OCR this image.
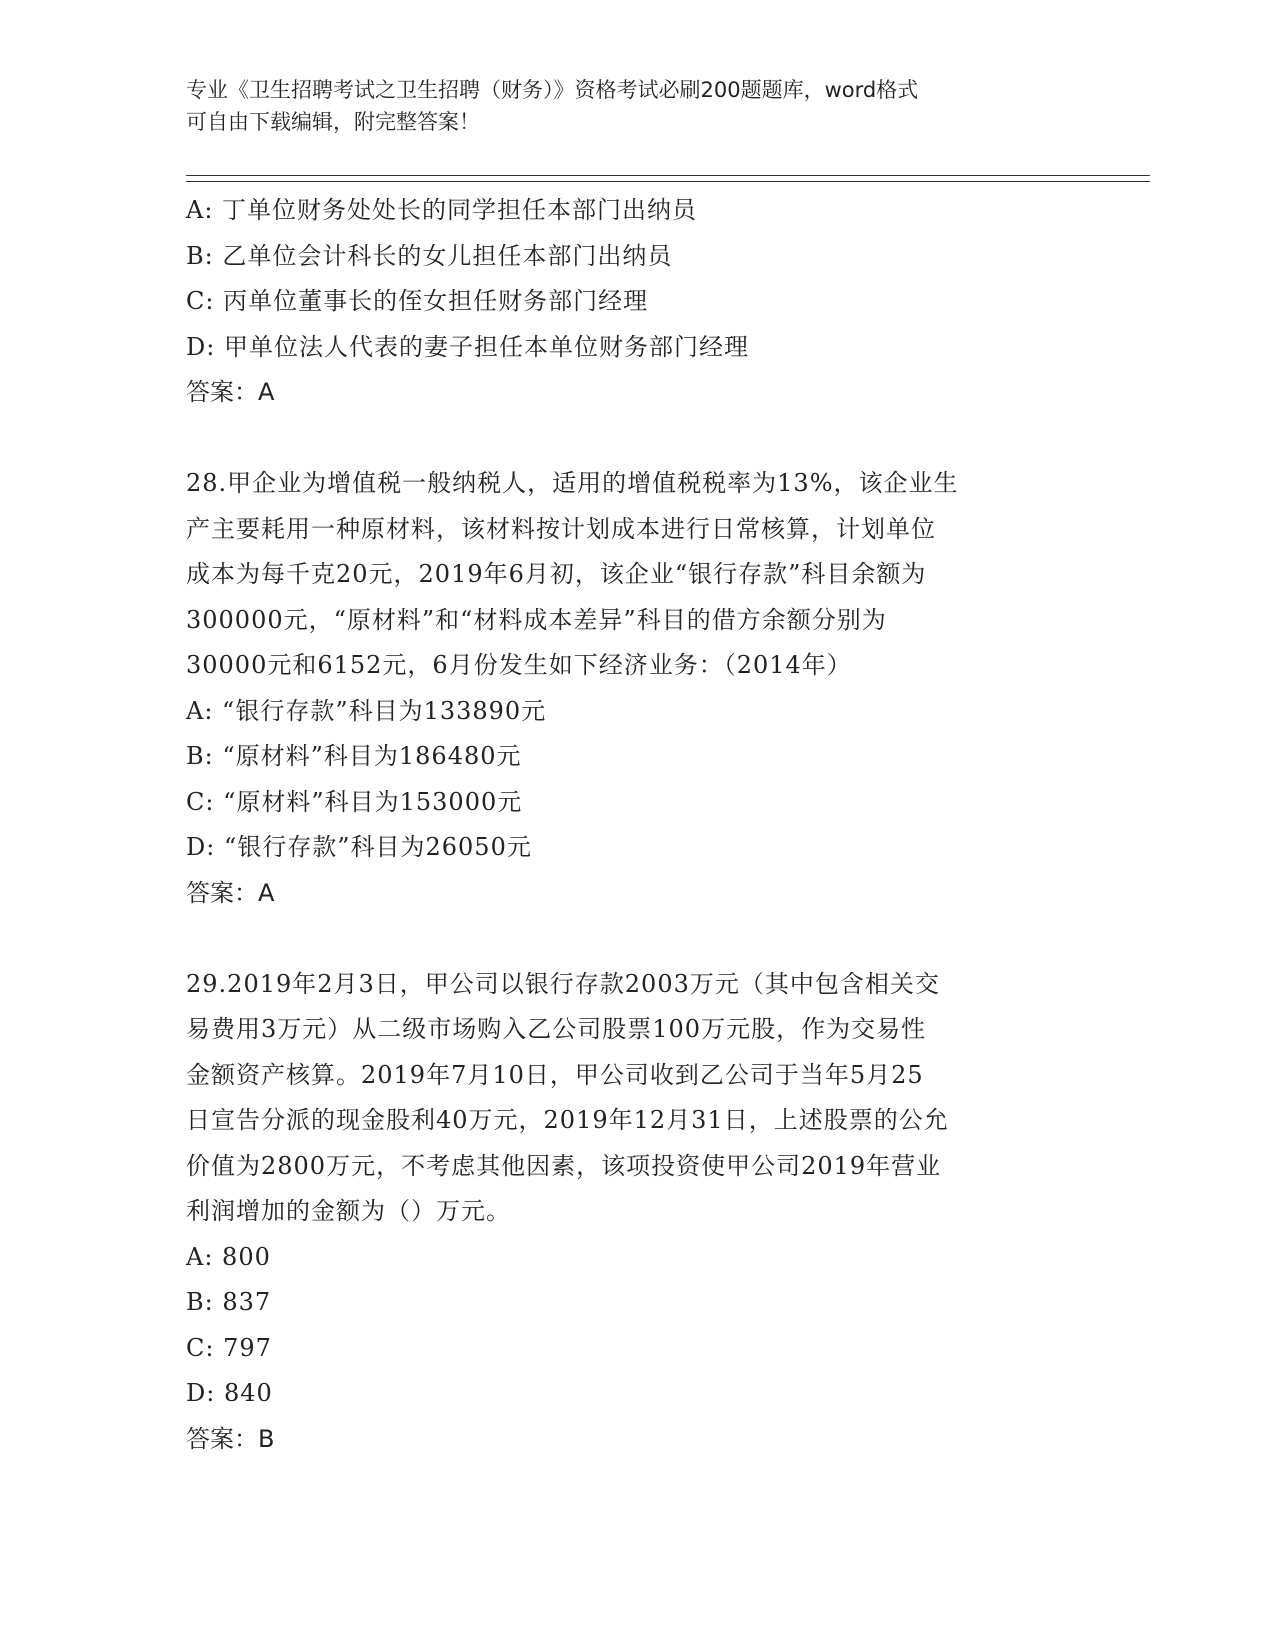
专业《卫生招聘考试之卫生招聘（财务）》资格考试必刷200题题库，word格式
可自由下载编辑，附完整答案！
A: 丁单位财务处处长的同学担任本部门出纳员
B: 乙单位会计科长的女儿担任本部门出纳员
C: 丙单位董事长的侄女担任财务部门经理
D: 甲单位法人代表的妻子担任本单位财务部门经理
答案：A
28.甲企业为增值税一般纳税人，适用的增值税税率为13%，该企业生
产主要耗用一种原材料，该材料按计划成本进行日常核算，计划单位
成本为每千克20元，2019年6月初，该企业“银行存款”科目余额为
300000元，“原材料”和“材料成本差异”科目的借方余额分别为
30000元和6152元，6月份发生如下经济业务：（2014年）
A: “银行存款”科目为133890元
B: “原材料”科目为186480元
C: “原材料”科目为153000元
D: “银行存款”科目为26050元
答案：A
29.2019年2月3日，甲公司以银行存款2003万元（其中包含相关交
易费用3万元）从二级市场购入乙公司股票100万元股，作为交易性
金额资产核算。2019年7月10日，甲公司收到乙公司于当年5月25
日宣告分派的现金股利40万元，2019年12月31日，上述股票的公允
价值为2800万元，不考虑其他因素，该项投资使甲公司2019年营业
利润增加的金额为（）万元。
A: 800
B: 837
C: 797
D: 840
答案：B
